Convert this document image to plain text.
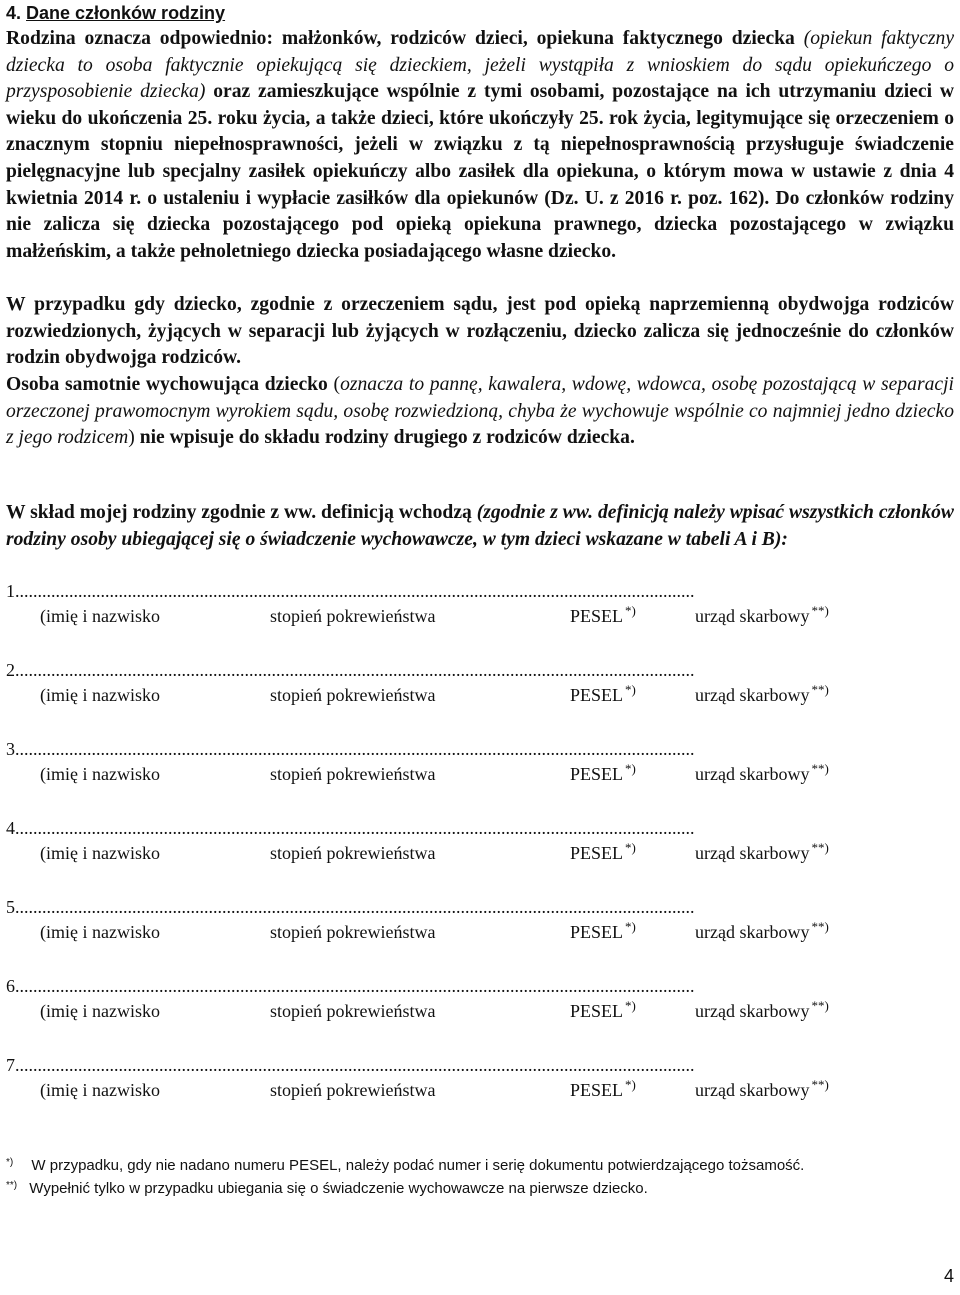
4. Dane członków rodziny
Rodzina oznacza odpowiednio: małżonków, rodziców dzieci, opiekuna faktycznego dziecka (opiekun faktyczny dziecka to osoba faktycznie opiekującą się dzieckiem, jeżeli wystąpiła z wnioskiem do sądu opiekuńczego o przysposobienie dziecka) oraz zamieszkujące wspólnie z tymi osobami, pozostające na ich utrzymaniu dzieci w wieku do ukończenia 25. roku życia, a także dzieci, które ukończyły 25. rok życia, legitymujące się orzeczeniem o znacznym stopniu niepełnosprawności, jeżeli w związku z tą niepełnosprawnością przysługuje świadczenie pielęgnacyjne lub specjalny zasiłek opiekuńczy albo zasiłek dla opiekuna, o którym mowa w ustawie z dnia 4 kwietnia 2014 r. o ustaleniu i wypłacie zasiłków dla opiekunów (Dz. U. z 2016 r. poz. 162). Do członków rodziny nie zalicza się dziecka pozostającego pod opieką opiekuna prawnego, dziecka pozostającego w związku małżeńskim, a także pełnoletniego dziecka posiadającego własne dziecko.
W przypadku gdy dziecko, zgodnie z orzeczeniem sądu, jest pod opieką naprzemienną obydwojga rodziców rozwiedzionych, żyjących w separacji lub żyjących w rozłączeniu, dziecko zalicza się jednocześnie do członków rodzin obydwojga rodziców.
Osoba samotnie wychowująca dziecko (oznacza to pannę, kawalera, wdowę, wdowca, osobę pozostającą w separacji orzeczonej prawomocnym wyrokiem sądu, osobę rozwiedzioną, chyba że wychowuje wspólnie co najmniej jedno dziecko z jego rodzicem) nie wpisuje do składu rodziny drugiego z rodziców dziecka.
W skład mojej rodziny zgodnie z ww. definicją wchodzą (zgodnie z ww. definicją należy wpisać wszystkich członków rodziny osoby ubiegającej się o świadczenie wychowawcze, w tym dzieci wskazane w tabeli A i B):
1.......................................................................................................................................................
(imię i nazwisko	stopień pokrewieństwa	PESEL *)	urząd skarbowy **)
2.......................................................................................................................................................
(imię i nazwisko	stopień pokrewieństwa	PESEL *)	urząd skarbowy **)
3.......................................................................................................................................................
(imię i nazwisko	stopień pokrewieństwa	PESEL *)	urząd skarbowy **)
4.......................................................................................................................................................
(imię i nazwisko	stopień pokrewieństwa	PESEL *)	urząd skarbowy **)
5.......................................................................................................................................................
(imię i nazwisko	stopień pokrewieństwa	PESEL *)	urząd skarbowy **)
6.......................................................................................................................................................
(imię i nazwisko	stopień pokrewieństwa	PESEL *)	urząd skarbowy **)
7.......................................................................................................................................................
(imię i nazwisko	stopień pokrewieństwa	PESEL *)	urząd skarbowy **)
*) W przypadku, gdy nie nadano numeru PESEL, należy podać numer i serię dokumentu potwierdzającego tożsamość.
**) Wypełnić tylko w przypadku ubiegania się o świadczenie wychowawcze na pierwsze dziecko.
4
